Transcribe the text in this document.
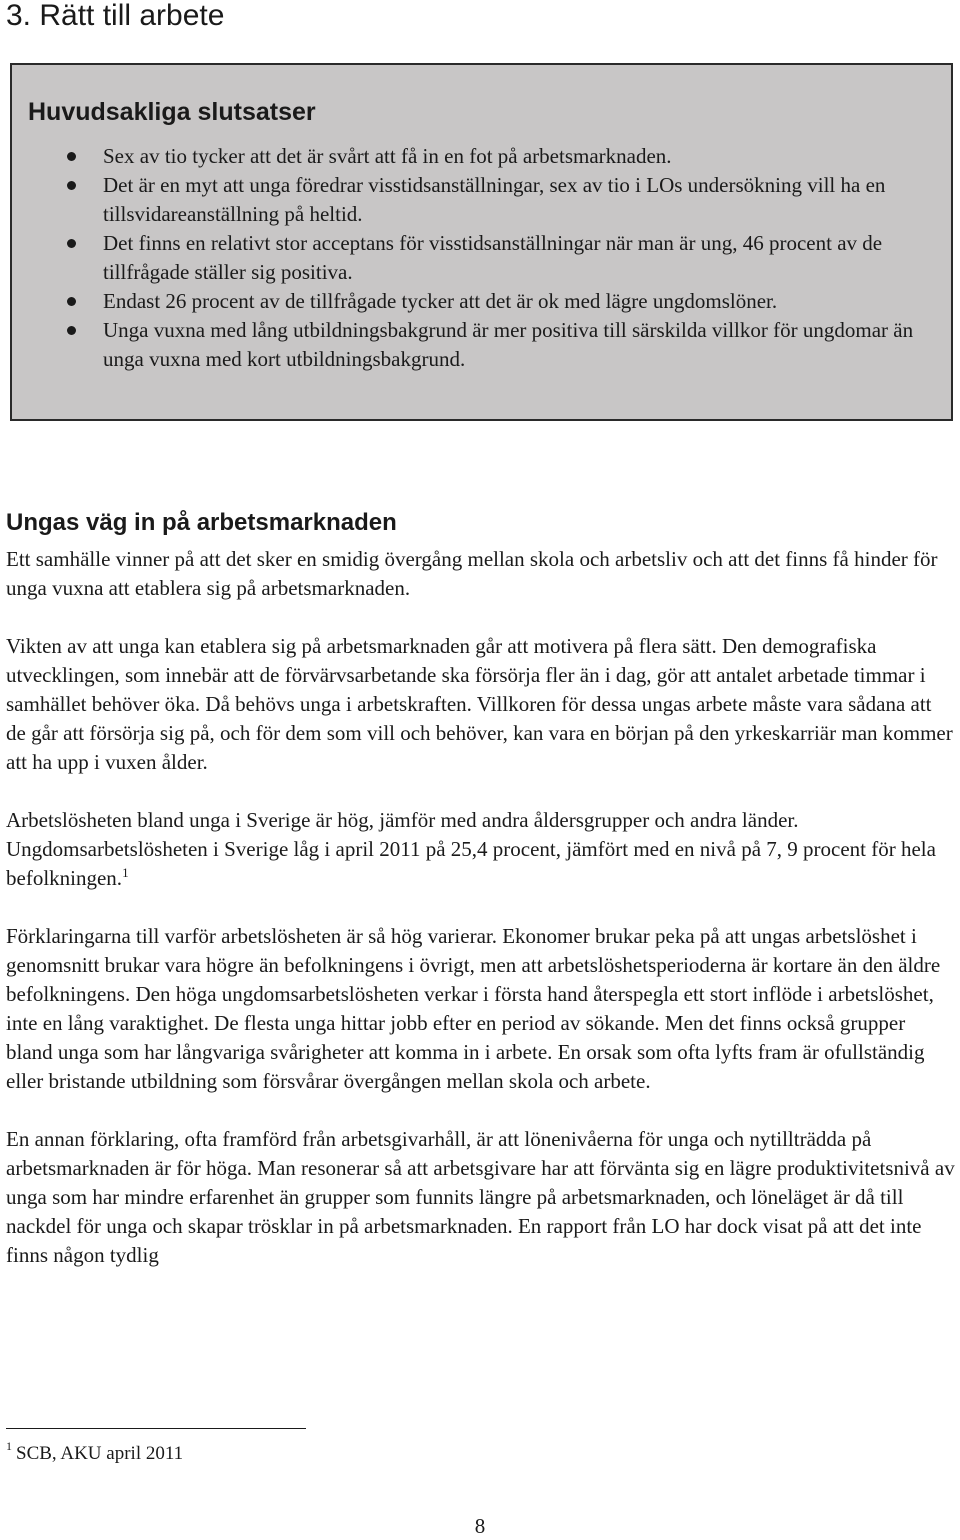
3. Rätt till arbete
Huvudsakliga slutsatser
Sex av tio tycker att det är svårt att få in en fot på arbetsmarknaden.
Det är en myt att unga föredrar visstidsanställningar, sex av tio i LOs undersökning vill ha en tillsvidareanställning på heltid.
Det finns en relativt stor acceptans för visstidsanställningar när man är ung, 46 procent av de tillfrågade ställer sig positiva.
Endast 26 procent av de tillfrågade tycker att det är ok med lägre ungdomslöner.
Unga vuxna med lång utbildningsbakgrund är mer positiva till särskilda villkor för ungdomar än unga vuxna med kort utbildningsbakgrund.
Ungas väg in på arbetsmarknaden

Ett samhälle vinner på att det sker en smidig övergång mellan skola och arbetsliv och att det finns få hinder för unga vuxna att etablera sig på arbetsmarknaden.

Vikten av att unga kan etablera sig på arbetsmarknaden går att motivera på flera sätt. Den demografiska utvecklingen, som innebär att de förvärvsarbetande ska försörja fler än i dag, gör att antalet arbetade timmar i samhället behöver öka. Då behövs unga i arbetskraften. Villkoren för dessa ungas arbete måste vara sådana att de går att försörja sig på, och för dem som vill och behöver, kan vara en början på den yrkeskarriär man kommer att ha upp i vuxen ålder.

Arbetslösheten bland unga i Sverige är hög, jämför med andra åldersgrupper och andra länder. Ungdomsarbetslösheten i Sverige låg i april 2011 på 25,4 procent, jämfört med en nivå på 7, 9 procent för hela befolkningen.$^1$

Förklaringarna till varför arbetslösheten är så hög varierar. Ekonomer brukar peka på att ungas arbetslöshet i genomsnitt brukar vara högre än befolkningens i övrigt, men att arbetslöshetsperioderna är kortare än den äldre befolkningens. Den höga ungdomsarbetslösheten verkar i första hand återspegla ett stort inflöde i arbetslöshet, inte en lång varaktighet. De flesta unga hittar jobb efter en period av sökande. Men det finns också grupper bland unga som har långvariga svårigheter att komma in i arbete. En orsak som ofta lyfts fram är ofullständig eller bristande utbildning som försvårar övergången mellan skola och arbete.

En annan förklaring, ofta framförd från arbetsgivarhåll, är att lönenivåerna för unga och nytillträdda på arbetsmarknaden är för höga. Man resonerar så att arbetsgivare har att förvänta sig en lägre produktivitetsnivå av unga som har mindre erfarenhet än grupper som funnits längre på arbetsmarknaden, och löneläget är då till nackdel för unga och skapar trösklar in på arbetsmarknaden. En rapport från LO har dock visat på att det inte finns någon tydlig

$^1$ SCB, AKU april 2011

8
